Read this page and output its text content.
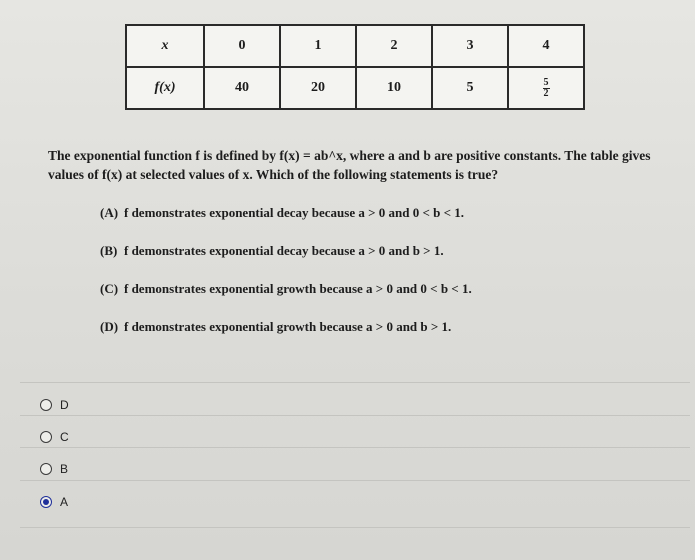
x	0	1	2	3	4
f(x)	40	20	10	5	$\frac{5}{2}$
The exponential function f is defined by f(x) = ab^x, where a and b are positive constants. The table gives values of f(x) at selected values of x. Which of the following statements is true?
(A) f demonstrates exponential decay because a > 0 and 0 < b < 1.
(B) f demonstrates exponential decay because a > 0 and b > 1.
(C) f demonstrates exponential growth because a > 0 and 0 < b < 1.
(D) f demonstrates exponential growth because a > 0 and b > 1.
D
C
B
A
